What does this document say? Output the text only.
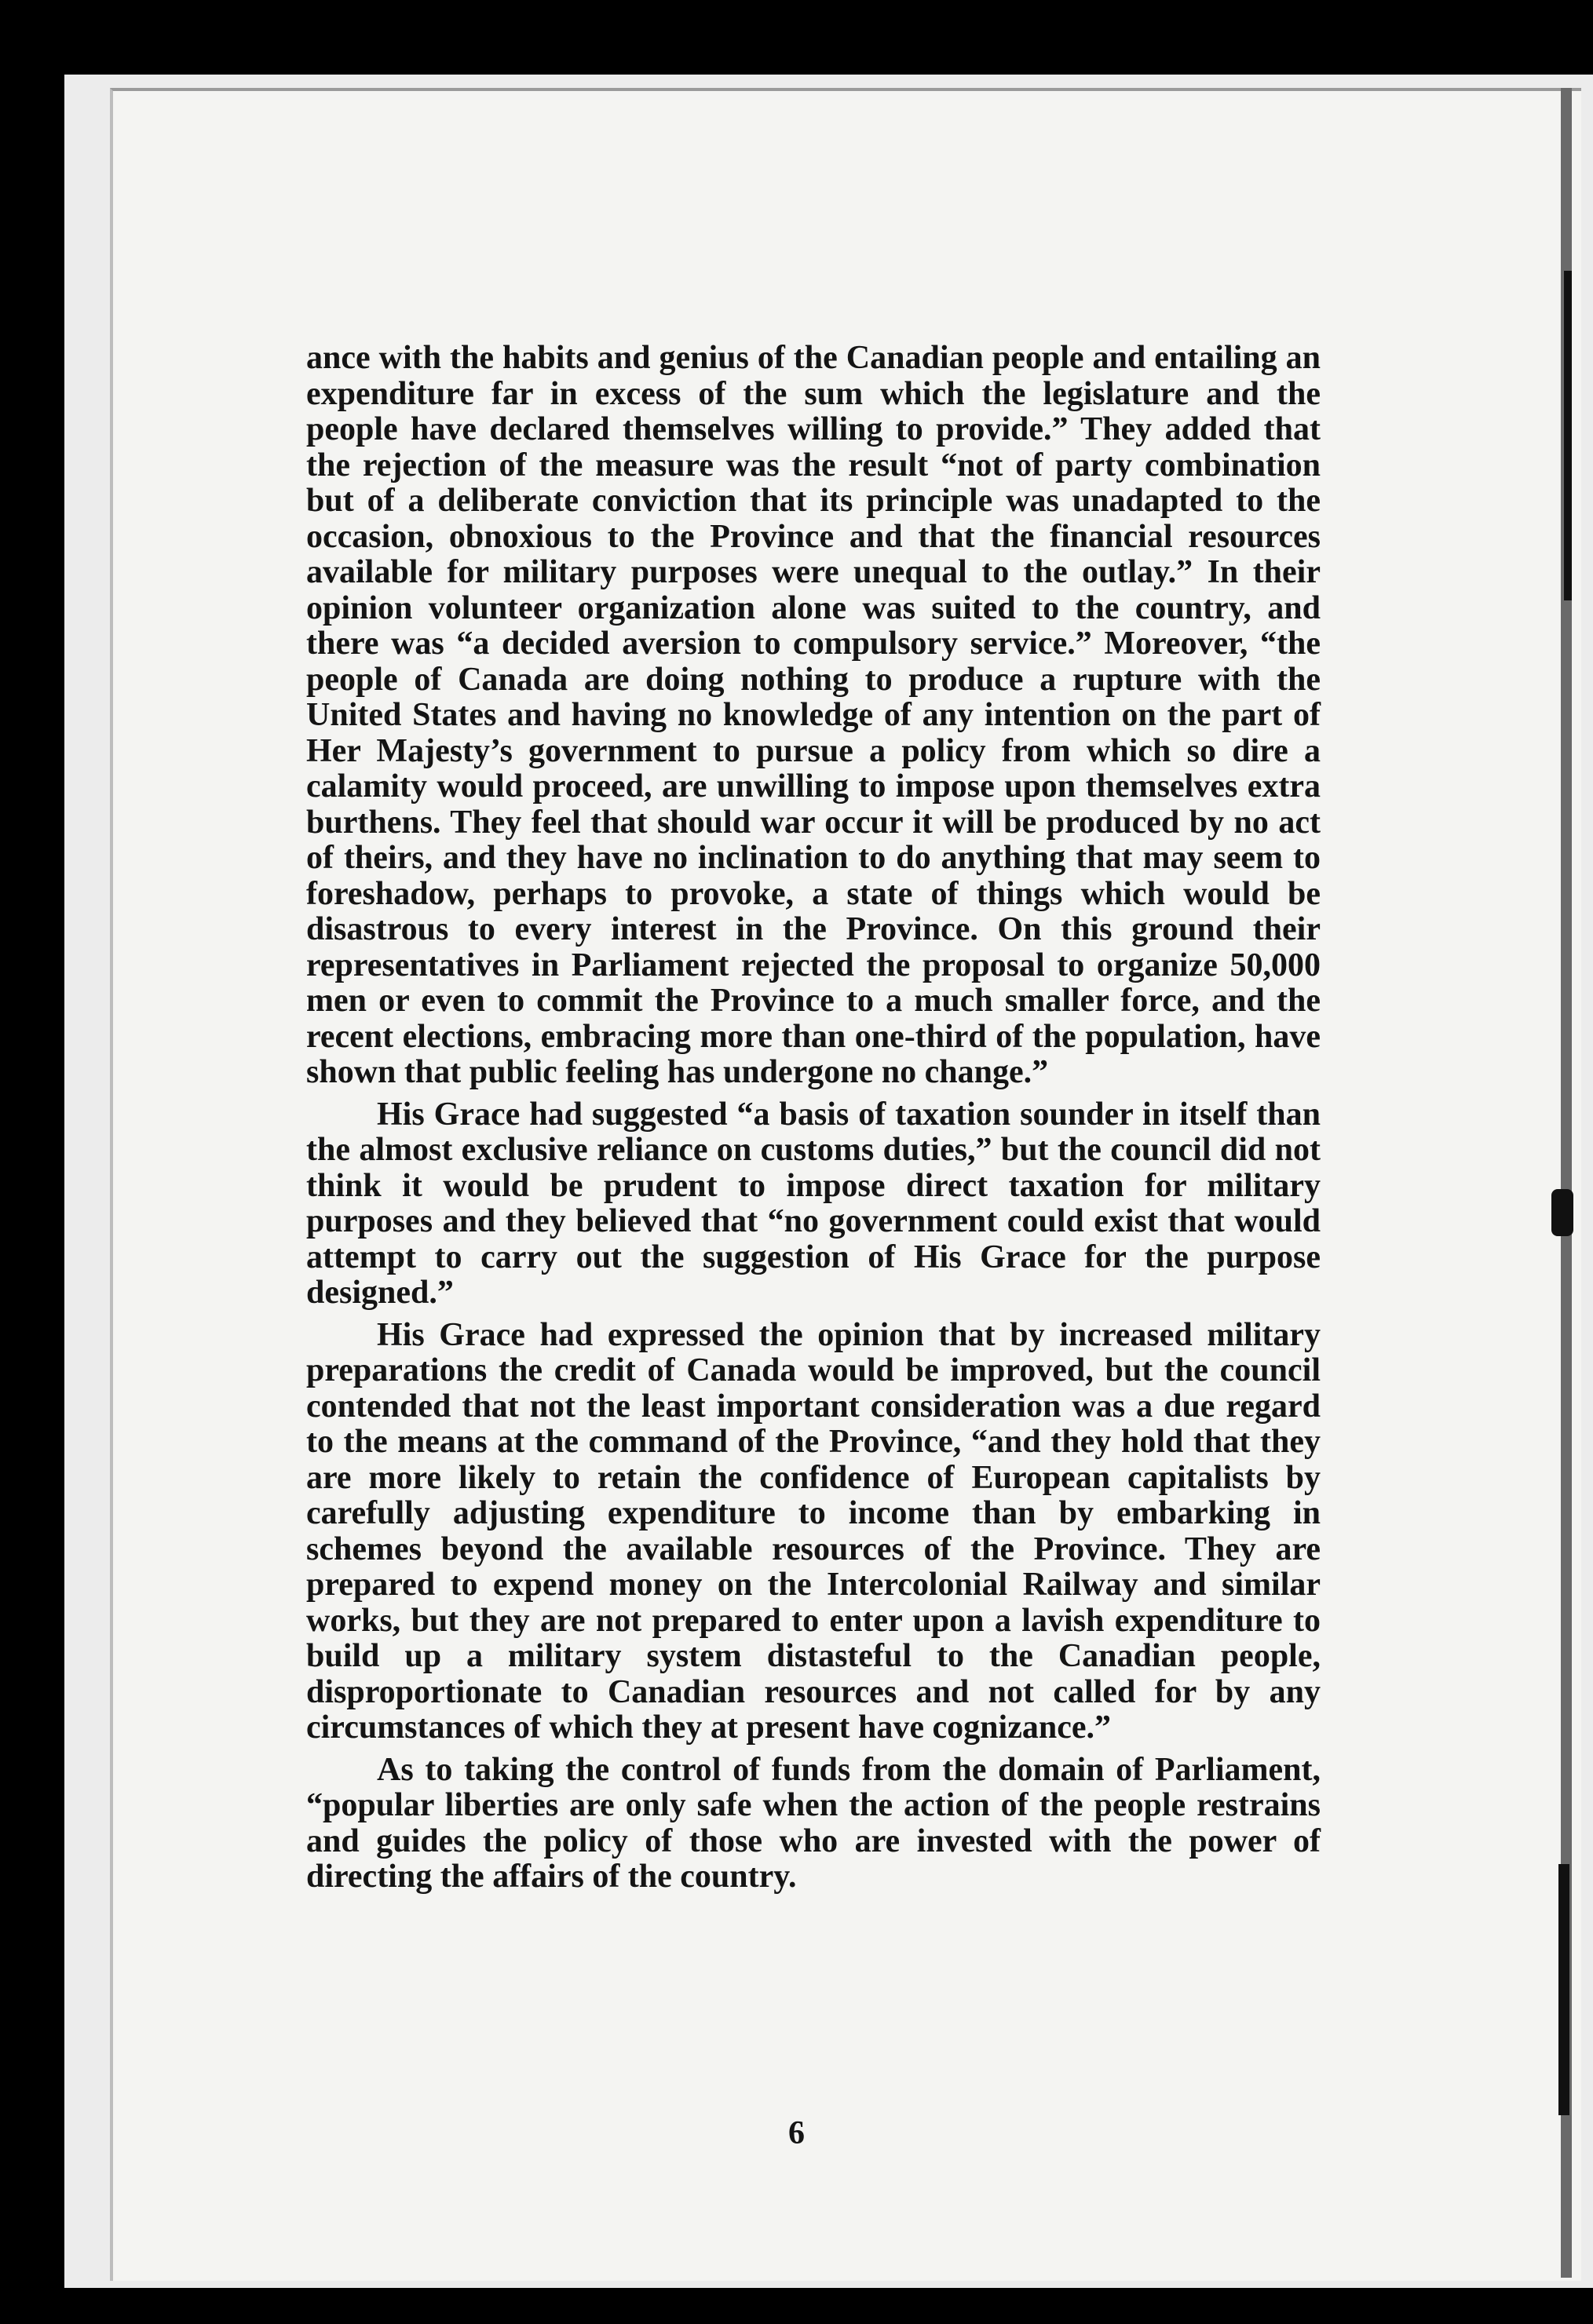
ance with the habits and genius of the Canadian people and entailing an expenditure far in excess of the sum which the legislature and the people have declared themselves willing to provide.” They added that the rejection of the measure was the result “not of party combination but of a deliberate conviction that its principle was unadapted to the occasion, obnoxious to the Province and that the financial resources available for military purposes were unequal to the outlay.” In their opinion volunteer organization alone was suited to the country, and there was “a decided aversion to compulsory service.” Moreover, “the people of Canada are doing nothing to produce a rupture with the United States and having no knowledge of any intention on the part of Her Majesty’s government to pursue a policy from which so dire a calamity would proceed, are unwilling to impose upon themselves extra burthens. They feel that should war occur it will be produced by no act of theirs, and they have no inclination to do anything that may seem to foreshadow, perhaps to provoke, a state of things which would be disastrous to every interest in the Province. On this ground their representatives in Parliament rejected the proposal to organize 50,000 men or even to commit the Province to a much smaller force, and the recent elections, embracing more than one-third of the population, have shown that public feeling has undergone no change.”

His Grace had suggested “a basis of taxation sounder in itself than the almost exclusive reliance on customs duties,” but the council did not think it would be prudent to impose direct taxation for military purposes and they believed that “no government could exist that would attempt to carry out the suggestion of His Grace for the purpose designed.”

His Grace had expressed the opinion that by increased military preparations the credit of Canada would be improved, but the council contended that not the least important consideration was a due regard to the means at the command of the Province, “and they hold that they are more likely to retain the confidence of European capitalists by carefully adjusting expenditure to income than by embarking in schemes beyond the available resources of the Province. They are prepared to expend money on the Intercolonial Railway and similar works, but they are not prepared to enter upon a lavish expenditure to build up a military system distasteful to the Canadian people, disproportionate to Canadian resources and not called for by any circumstances of which they at present have cognizance.”

As to taking the control of funds from the domain of Parliament, “popular liberties are only safe when the action of the people restrains and guides the policy of those who are invested with the power of directing the affairs of the country.

6
